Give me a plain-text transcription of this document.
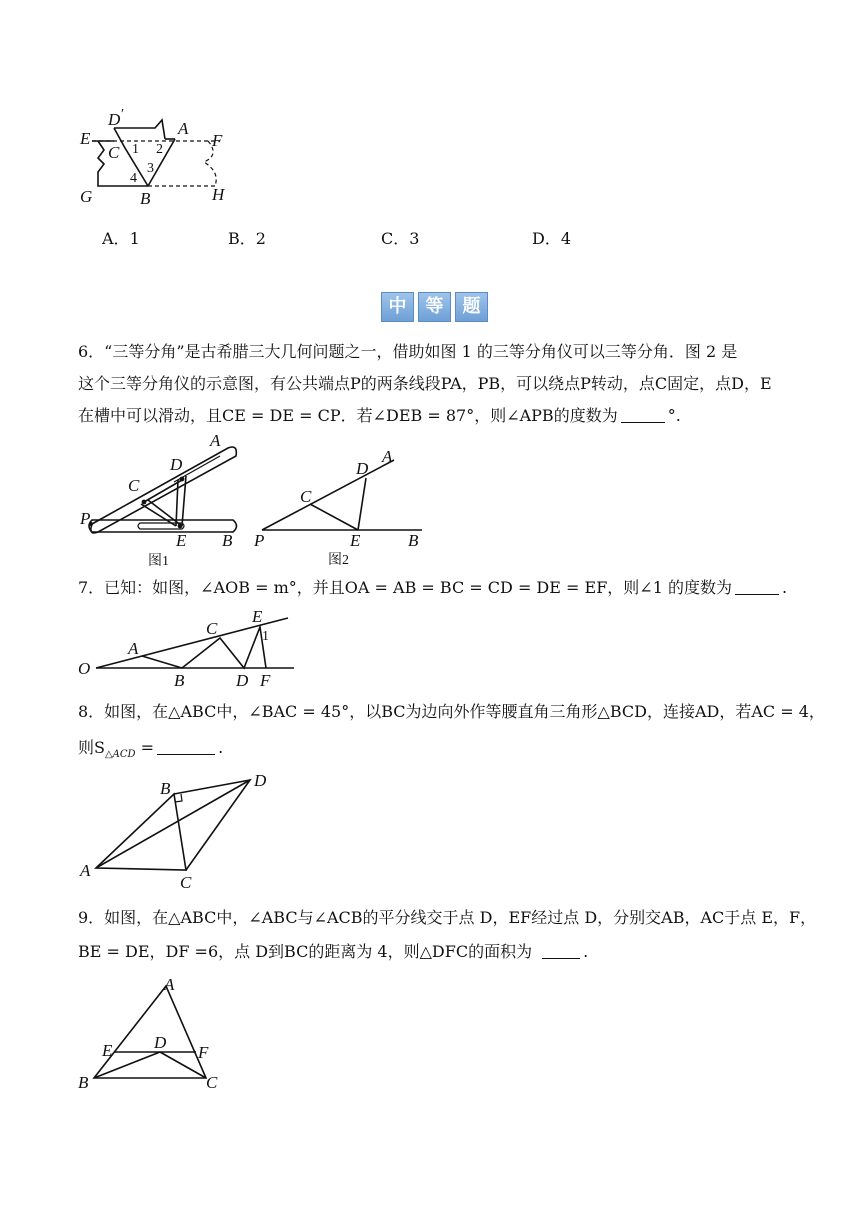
D ′
A
E	F
C 1 2
3
4
G	B	H
A．1	B．2	C．3	D．4
中	等	题
6．“三等分角”是古希腊三大几何问题之一，借助如图 1 的三等分角仪可以三等分角．图 2 是
这个三等分角仪的示意图，有公共端点P的两条线段PA，PB，可以绕点P转动，点C固定，点D，E
在槽中可以滑动，且CE = DE = CP．若∠DEB = 87°，则∠APB的度数为	°.
A
D
C
P
E B
图1
A
D
C
P	E	B
图2
7．已知：如图，∠AOB = m°，并且OA = AB = BC = CD = DE = EF，则∠1 的度数为	.
O
A
B
C
D
E
1
F
8．如图，在△ABC中，∠BAC = 45°，以BC为边向外作等腰直角三角形△BCD，连接AD，若AC = 4，
则$S_{\triangle ACD}$ =	.
A
B
C
D
9．如图，在△ABC中，∠ABC与∠ACB的平分线交于点 D，EF经过点 D，分别交AB，AC于点 E，F，
BE = DE，DF =6，点 D到BC的距离为 4，则△DFC的面积为	.
A
B	C
D
E	F
